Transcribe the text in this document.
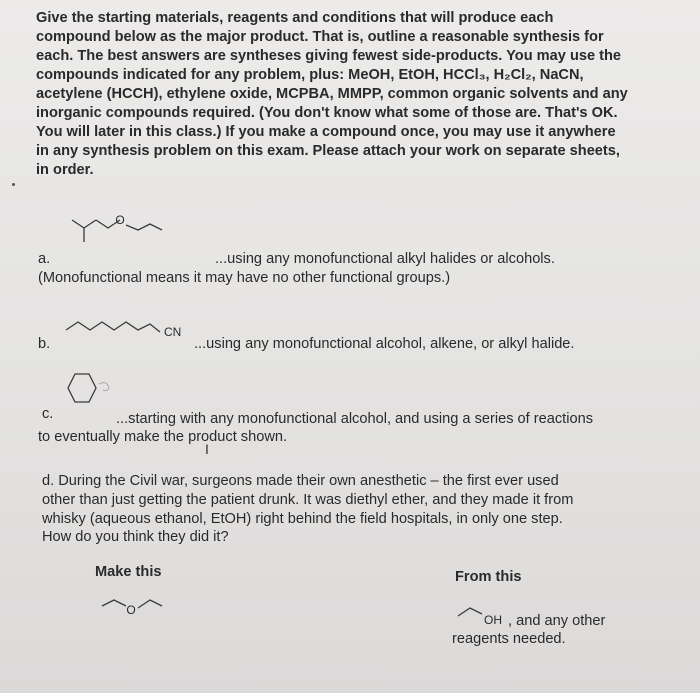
Give the starting materials, reagents and conditions that will produce each
compound below as the major product. That is, outline a reasonable synthesis for
each. The best answers are syntheses giving fewest side-products. You may use the
compounds indicated for any problem, plus: MeOH, EtOH, HCCl₃, H₂Cl₂, NaCN,
acetylene (HCCH), ethylene oxide, MCPBA, MMPP, common organic solvents and any
inorganic compounds required. (You don't know what some of those are. That's OK.
You will later in this class.) If you make a compound once, you may use it anywhere
in any synthesis problem on this exam. Please attach your work on separate sheets,
in order.
O
a.	...using any monofunctional alkyl halides or alcohols.
(Monofunctional means it may have no other functional groups.)
CN
b.	...using any monofunctional alcohol, alkene, or alkyl halide.
c.	...starting with any monofunctional alcohol, and using a series of reactions
to eventually make the product shown.
I
d. During the Civil war, surgeons made their own anesthetic – the first ever used
other than just getting the patient drunk. It was diethyl ether, and they made it from
whisky (aqueous ethanol, EtOH) right behind the field hospitals, in only one step.
How do you think they did it?
Make this	From this
O
OH , and any other
reagents needed.
